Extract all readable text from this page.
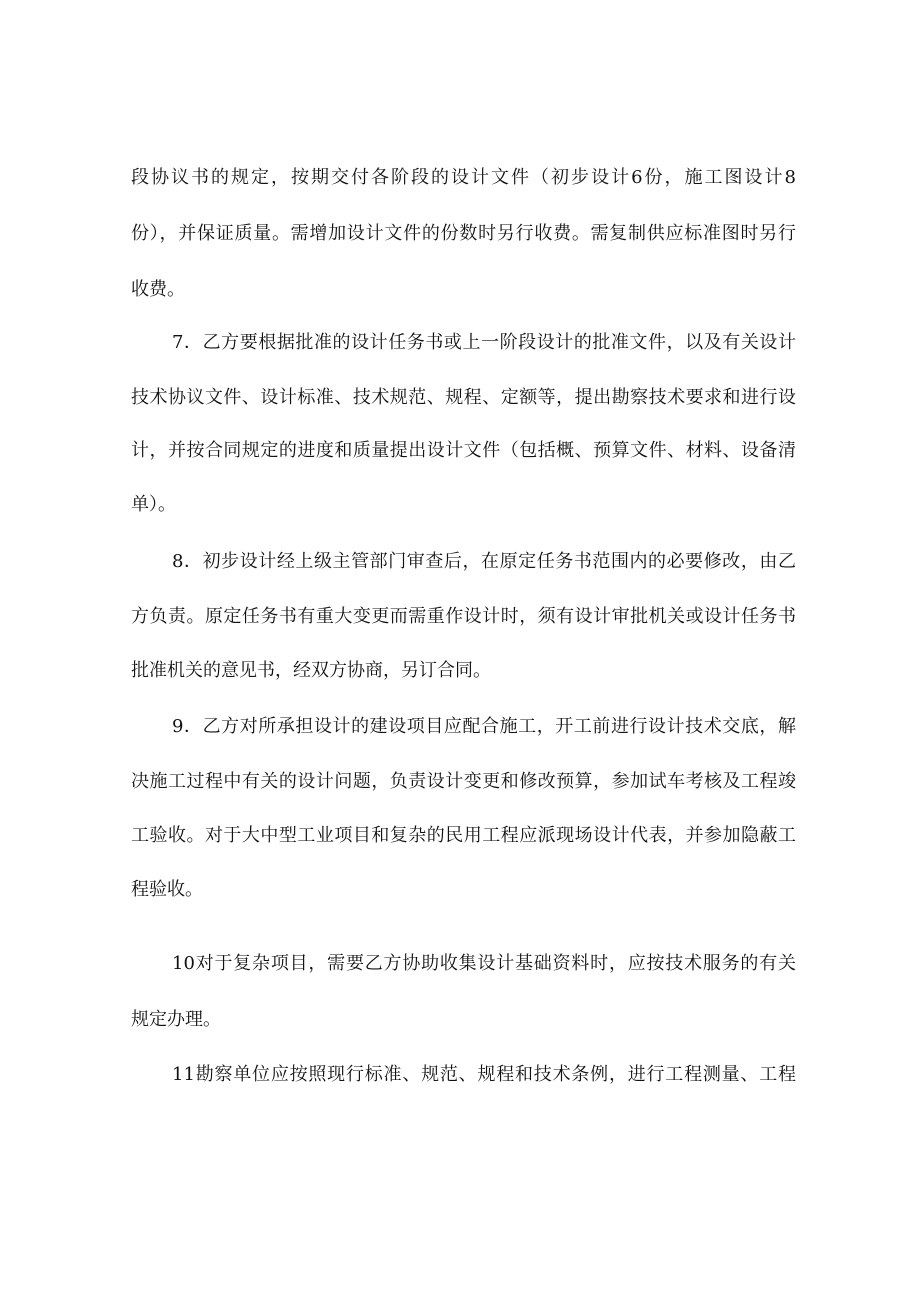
段协议书的规定，按期交付各阶段的设计文件（初步设计6份，施工图设计8
份），并保证质量。需增加设计文件的份数时另行收费。需复制供应标准图时另行
收费。
7．乙方要根据批准的设计任务书或上一阶段设计的批准文件，以及有关设计
技术协议文件、设计标准、技术规范、规程、定额等，提出勘察技术要求和进行设
计，并按合同规定的进度和质量提出设计文件（包括概、预算文件、材料、设备清
单）。
8．初步设计经上级主管部门审查后，在原定任务书范围内的必要修改，由乙
方负责。原定任务书有重大变更而需重作设计时，须有设计审批机关或设计任务书
批准机关的意见书，经双方协商，另订合同。
9．乙方对所承担设计的建设项目应配合施工，开工前进行设计技术交底，解
决施工过程中有关的设计问题，负责设计变更和修改预算，参加试车考核及工程竣
工验收。对于大中型工业项目和复杂的民用工程应派现场设计代表，并参加隐蔽工
程验收。
10对于复杂项目，需要乙方协助收集设计基础资料时，应按技术服务的有关
规定办理。
11勘察单位应按照现行标准、规范、规程和技术条例，进行工程测量、工程
